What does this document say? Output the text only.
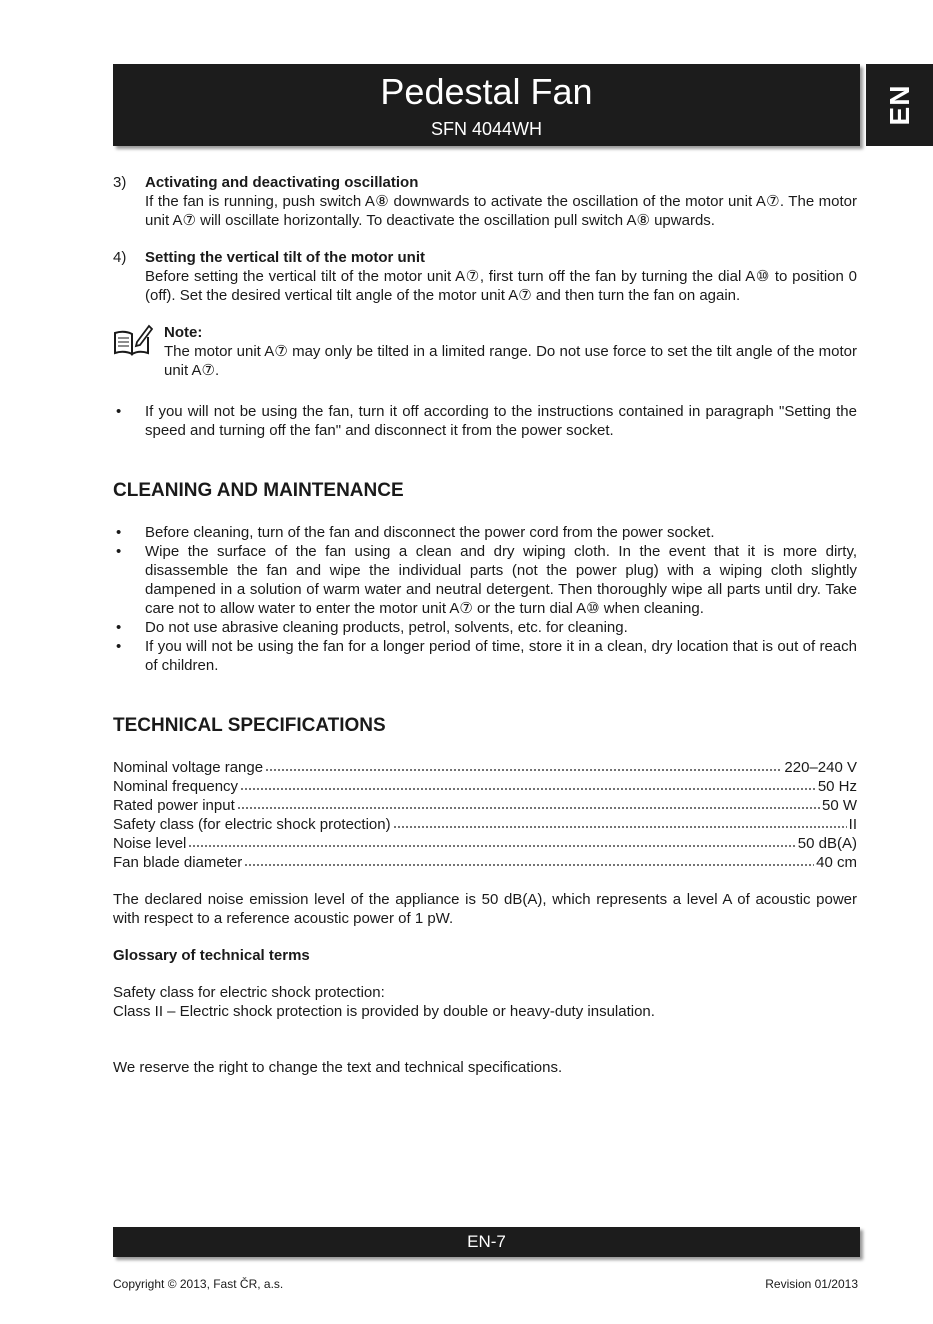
Pedestal Fan
SFN 4044WH
EN
3) Activating and deactivating oscillation
If the fan is running, push switch A⑧ downwards to activate the oscillation of the motor unit A⑦. The motor unit A⑦ will oscillate horizontally. To deactivate the oscillation pull switch A⑧ upwards.
4) Setting the vertical tilt of the motor unit
Before setting the vertical tilt of the motor unit A⑦, first turn off the fan by turning the dial A⑩ to position 0 (off). Set the desired vertical tilt angle of the motor unit A⑦ and then turn the fan on again.
Note:
The motor unit A⑦ may only be tilted in a limited range. Do not use force to set the tilt angle of the motor unit A⑦.
• If you will not be using the fan, turn it off according to the instructions contained in paragraph "Setting the speed and turning off the fan" and disconnect it from the power socket.
CLEANING AND MAINTENANCE
• Before cleaning, turn of the fan and disconnect the power cord from the power socket.
• Wipe the surface of the fan using a clean and dry wiping cloth. In the event that it is more dirty, disassemble the fan and wipe the individual parts (not the power plug) with a wiping cloth slightly dampened in a solution of warm water and neutral detergent. Then thoroughly wipe all parts until dry. Take care not to allow water to enter the motor unit A⑦ or the turn dial A⑩ when cleaning.
• Do not use abrasive cleaning products, petrol, solvents, etc. for cleaning.
• If you will not be using the fan for a longer period of time, store it in a clean, dry location that is out of reach of children.
TECHNICAL SPECIFICATIONS
Nominal voltage range	220–240 V
Nominal frequency	50 Hz
Rated power input	50 W
Safety class (for electric shock protection)	II
Noise level	50 dB(A)
Fan blade diameter	40 cm
The declared noise emission level of the appliance is 50 dB(A), which represents a level A of acoustic power with respect to a reference acoustic power of 1 pW.
Glossary of technical terms
Safety class for electric shock protection:
Class II – Electric shock protection is provided by double or heavy-duty insulation.
We reserve the right to change the text and technical specifications.
EN-7
Copyright © 2013, Fast ČR, a.s.	Revision 01/2013
